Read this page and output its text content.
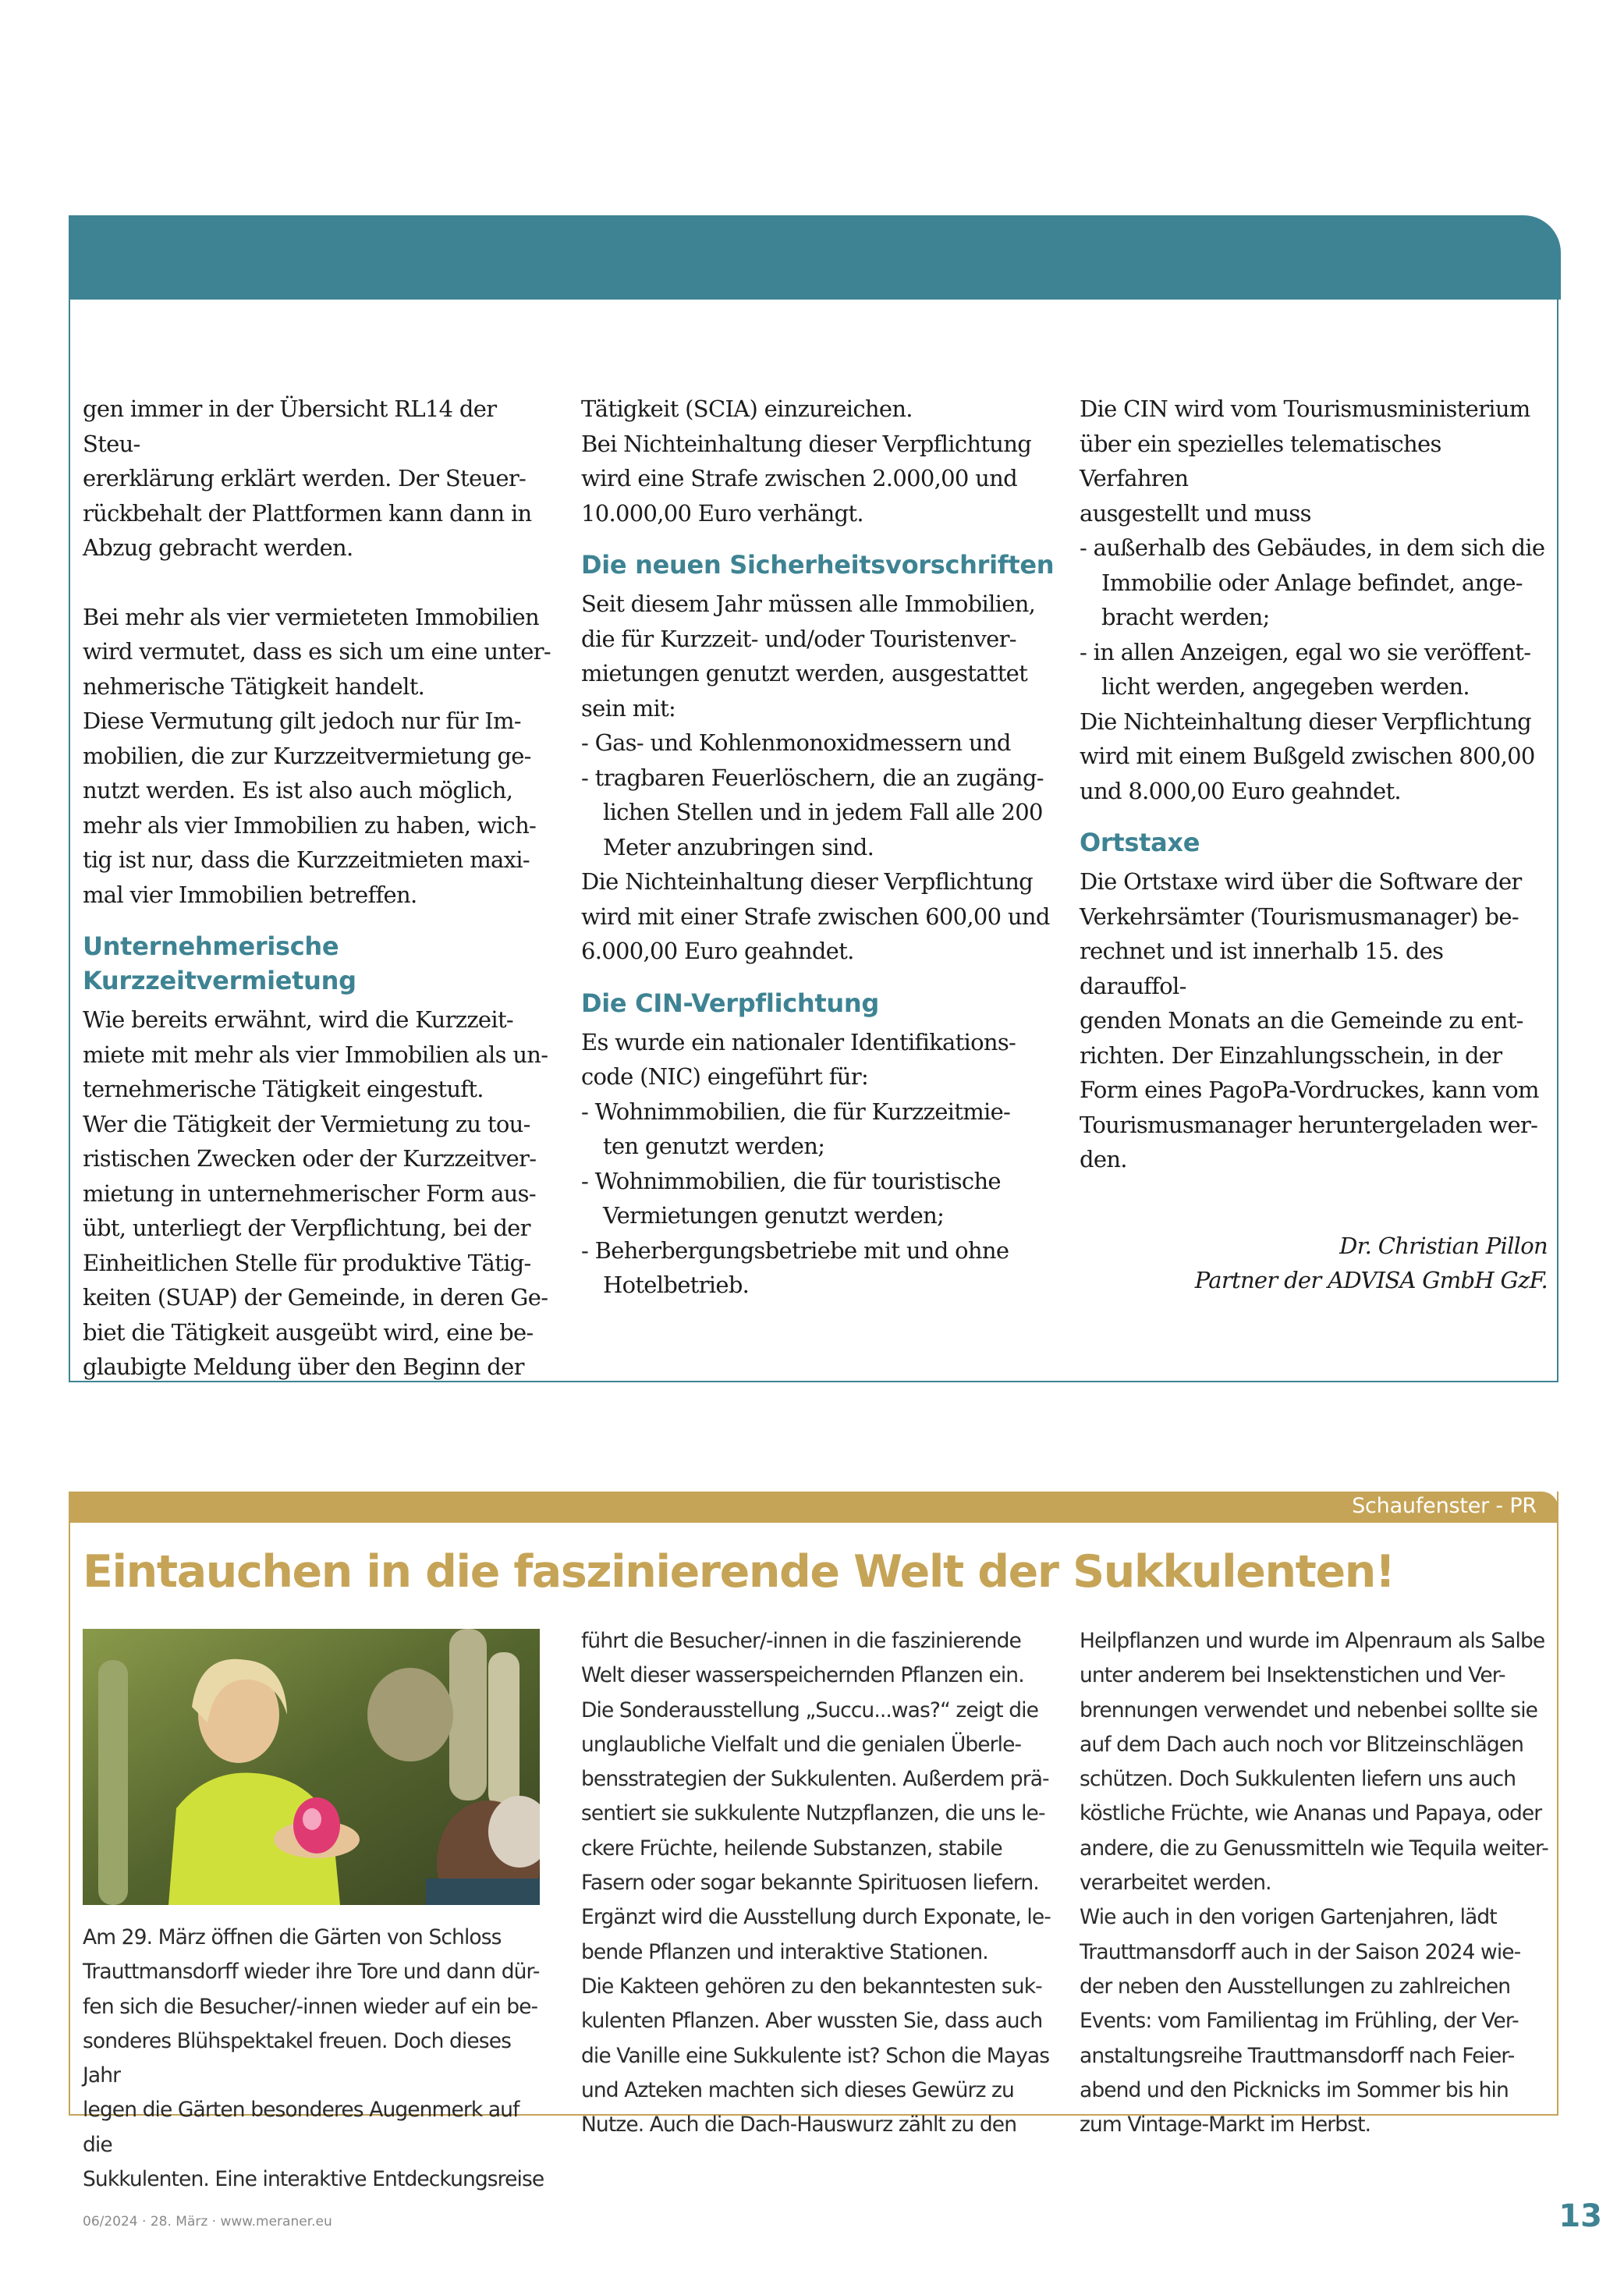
gen immer in der Übersicht RL14 der Steu-
ererklärung erklärt werden. Der Steuer-
rückbehalt der Plattformen kann dann in
Abzug gebracht werden.

Bei mehr als vier vermieteten Immobilien
wird vermutet, dass es sich um eine unter-
nehmerische Tätigkeit handelt.
Diese Vermutung gilt jedoch nur für Im-
mobilien, die zur Kurzzeitvermietung ge-
nutzt werden. Es ist also auch möglich,
mehr als vier Immobilien zu haben, wich-
tig ist nur, dass die Kurzzeitmieten maxi-
mal vier Immobilien betreffen.

Unternehmerische
Kurzzeitvermietung

Wie bereits erwähnt, wird die Kurzzeit-
miete mit mehr als vier Immobilien als un-
ternehmerische Tätigkeit eingestuft.
Wer die Tätigkeit der Vermietung zu tou-
ristischen Zwecken oder der Kurzzeitver-
mietung in unternehmerischer Form aus-
übt, unterliegt der Verpflichtung, bei der
Einheitlichen Stelle für produktive Tätig-
keiten (SUAP) der Gemeinde, in deren Ge-
biet die Tätigkeit ausgeübt wird, eine be-
glaubigte Meldung über den Beginn der

Tätigkeit (SCIA) einzureichen.
Bei Nichteinhaltung dieser Verpflichtung
wird eine Strafe zwischen 2.000,00 und
10.000,00 Euro verhängt.

Die neuen Sicherheitsvorschriften

Seit diesem Jahr müssen alle Immobilien,
die für Kurzzeit- und/oder Touristenver-
mietungen genutzt werden, ausgestattet
sein mit:

- Gas- und Kohlenmonoxidmessern und

- tragbaren Feuerlöschern, die an zugäng-
lichen Stellen und in jedem Fall alle 200
Meter anzubringen sind.

Die Nichteinhaltung dieser Verpflichtung
wird mit einer Strafe zwischen 600,00 und
6.000,00 Euro geahndet.

Die CIN-Verpflichtung

Es wurde ein nationaler Identifikations-
code (NIC) eingeführt für:

- Wohnimmobilien, die für Kurzzeitmie-
ten genutzt werden;

- Wohnimmobilien, die für touristische
Vermietungen genutzt werden;

- Beherbergungsbetriebe mit und ohne
Hotelbetrieb.

Die CIN wird vom Tourismusministerium
über ein spezielles telematisches Verfahren
ausgestellt und muss

- außerhalb des Gebäudes, in dem sich die
Immobilie oder Anlage befindet, ange-
bracht werden;

- in allen Anzeigen, egal wo sie veröffent-
licht werden, angegeben werden.

Die Nichteinhaltung dieser Verpflichtung
wird mit einem Bußgeld zwischen 800,00
und 8.000,00 Euro geahndet.

Ortstaxe

Die Ortstaxe wird über die Software der
Verkehrsämter (Tourismusmanager) be-
rechnet und ist innerhalb 15. des darauffol-
genden Monats an die Gemeinde zu ent-
richten. Der Einzahlungsschein, in der
Form eines PagoPa-Vordruckes, kann vom
Tourismusmanager heruntergeladen wer-
den.

Dr. Christian Pillon
Partner der ADVISA GmbH GzF.

Schaufenster - PR
Eintauchen in die faszinierende Welt der Sukkulenten!

Am 29. März öffnen die Gärten von Schloss
Trauttmansdorff wieder ihre Tore und dann dür-
fen sich die Besucher/-innen wieder auf ein be-
sonderes Blühspektakel freuen. Doch dieses Jahr
legen die Gärten besonderes Augenmerk auf die
Sukkulenten. Eine interaktive Entdeckungsreise

führt die Besucher/-innen in die faszinierende
Welt dieser wasserspeichernden Pflanzen ein.
Die Sonderausstellung „Succu...was?“ zeigt die
unglaubliche Vielfalt und die genialen Überle-
bensstrategien der Sukkulenten. Außerdem prä-
sentiert sie sukkulente Nutzpflanzen, die uns le-
ckere Früchte, heilende Substanzen, stabile
Fasern oder sogar bekannte Spirituosen liefern.
Ergänzt wird die Ausstellung durch Exponate, le-
bende Pflanzen und interaktive Stationen.
Die Kakteen gehören zu den bekanntesten suk-
kulenten Pflanzen. Aber wussten Sie, dass auch
die Vanille eine Sukkulente ist? Schon die Mayas
und Azteken machten sich dieses Gewürz zu
Nutze. Auch die Dach-Hauswurz zählt zu den

Heilpflanzen und wurde im Alpenraum als Salbe
unter anderem bei Insektenstichen und Ver-
brennungen verwendet und nebenbei sollte sie
auf dem Dach auch noch vor Blitzeinschlägen
schützen. Doch Sukkulenten liefern uns auch
köstliche Früchte, wie Ananas und Papaya, oder
andere, die zu Genussmitteln wie Tequila weiter-
verarbeitet werden.
Wie auch in den vorigen Gartenjahren, lädt
Trauttmansdorff auch in der Saison 2024 wie-
der neben den Ausstellungen zu zahlreichen
Events: vom Familientag im Frühling, der Ver-
anstaltungsreihe Trauttmansdorff nach Feier-
abend und den Picknicks im Sommer bis hin
zum Vintage-Markt im Herbst.

06/2024 · 28. März · www.meraner.eu	13
